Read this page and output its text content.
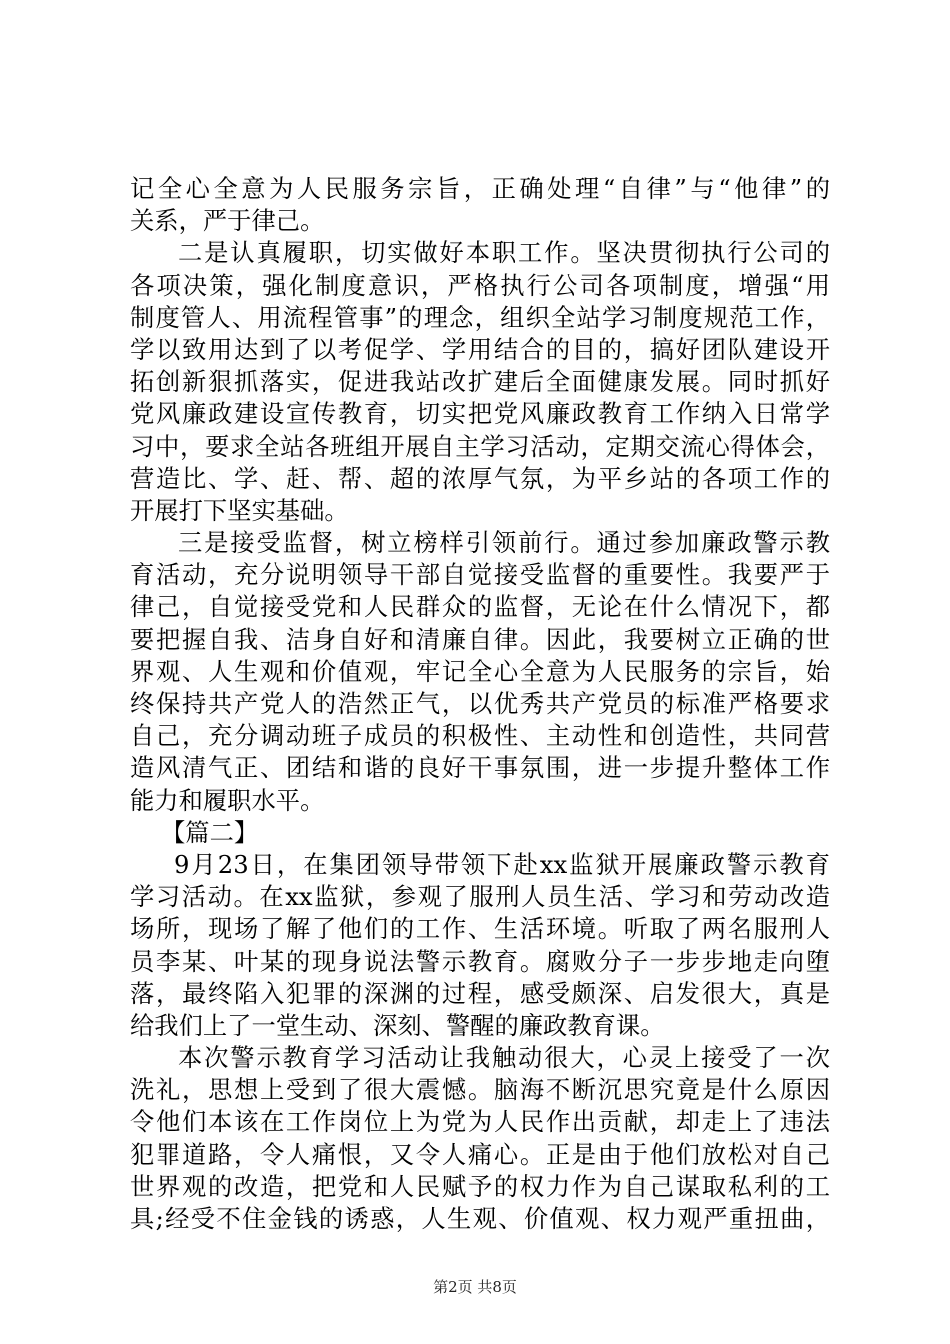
记全心全意为人民服务宗旨，正确处理“自律”与“他律”的
关系，严于律己。
二是认真履职，切实做好本职工作。坚决贯彻执行公司的
各项决策，强化制度意识，严格执行公司各项制度，增强“用
制度管人、用流程管事”的理念，组织全站学习制度规范工作，
学以致用达到了以考促学、学用结合的目的，搞好团队建设开
拓创新狠抓落实，促进我站改扩建后全面健康发展。同时抓好
党风廉政建设宣传教育，切实把党风廉政教育工作纳入日常学
习中，要求全站各班组开展自主学习活动，定期交流心得体会，
营造比、学、赶、帮、超的浓厚气氛，为平乡站的各项工作的
开展打下坚实基础。
三是接受监督，树立榜样引领前行。通过参加廉政警示教
育活动，充分说明领导干部自觉接受监督的重要性。我要严于
律己，自觉接受党和人民群众的监督，无论在什么情况下，都
要把握自我、洁身自好和清廉自律。因此，我要树立正确的世
界观、人生观和价值观，牢记全心全意为人民服务的宗旨，始
终保持共产党人的浩然正气，以优秀共产党员的标准严格要求
自己，充分调动班子成员的积极性、主动性和创造性，共同营
造风清气正、团结和谐的良好干事氛围，进一步提升整体工作
能力和履职水平。
【篇二】
9月23日，在集团领导带领下赴xx监狱开展廉政警示教育
学习活动。在xx监狱，参观了服刑人员生活、学习和劳动改造
场所，现场了解了他们的工作、生活环境。听取了两名服刑人
员李某、叶某的现身说法警示教育。腐败分子一步步地走向堕
落，最终陷入犯罪的深渊的过程，感受颇深、启发很大，真是
给我们上了一堂生动、深刻、警醒的廉政教育课。
本次警示教育学习活动让我触动很大，心灵上接受了一次
洗礼，思想上受到了很大震憾。脑海不断沉思究竟是什么原因
令他们本该在工作岗位上为党为人民作出贡献，却走上了违法
犯罪道路，令人痛恨，又令人痛心。正是由于他们放松对自己
世界观的改造，把党和人民赋予的权力作为自己谋取私利的工
具;经受不住金钱的诱惑，人生观、价值观、权力观严重扭曲，
第2页 共8页
